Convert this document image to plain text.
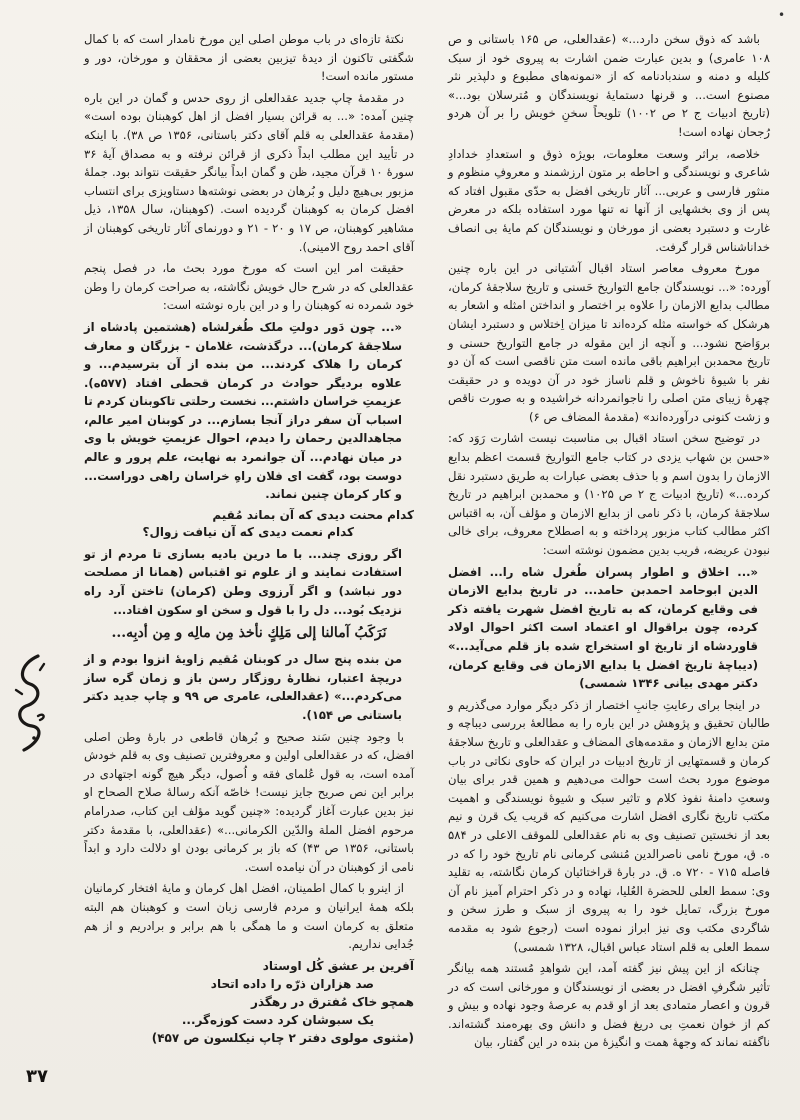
•

باشد که ذوق سخن دارد...» (عقدالعلی، ص ۱۶۵ باستانی و ص ۱۰۸ عامری) و بدین عبارت ضمن اشارت به پیروی خود از سبک کلیله و دمنه و سندبادنامه که از «نمونه‌های مطبوع و دلپذیر نثر مصنوع است... و قرنها دستمایهٔ نویسندگان و مُترسلان بود...» (تاریخ ادبیات ج ۲ ص ۱۰۰۲) تلویحاً سخنِ خویش را بر آن هردو رُجحان نهاده است!

خلاصه، براثر وسعت معلومات، بویژه ذوق و استعدادِ خدادادِ شاعری و نویسندگی و احاطه بر متون ارزشمند و معروفِ منظوم و منثور فارسی و عربی... آثار تاریخی افضل به حدّی مقبول افتاد که پس از وی بخشهایی از آنها نه تنها مورد استفاده بلکه در معرض غارت و دستبرد بعضی از مورخان و نویسندگان کم مایهٔ بی انصاف خداناشناس قرار گرفت.

مورخ معروف معاصر استاد اقبال آشتیانی در این باره چنین آورده: «... نویسندگان جامع التواریخ حَسنی و تاریخ سلاجقهٔ کرمان، مطالب بدایع الازمان را علاوه بر اختصار و انداختن امثله و اشعار به هرشکل که خواسته مثله کرده‌اند تا میزان اِختلاس و دستبرد ایشان بروَاضح نشود... و آنچه از این مقوله در جامع التواریخ حسنی و تاریخ محمدبن ابراهیم باقی مانده است متن ناقصی است که آن دو نفر با شیوهٔ ناخوش و قلم ناساز خود در آن دویده و در حقیقت چهرهٔ زیبای متن اصلی را ناجوانمردانه خراشیده و به صورت ناقص و زشت کنونی درآورده‌اند» (مقدمهٔ المضاف ص ۶)

در توضیح سخن استاد اقبال بی مناسبت نیست اشارت رَوَد که: «حسن بن شهاب یزدی در کتاب جامع التواریخ قسمت اعظم بدایع الازمان را بدون اسم و با حذف بعضی عبارات به طریق دستبرد نقل کرده...» (تاریخ ادبیات ج ۲ ص ۱۰۲۵) و محمدبن ابراهیم در تاریخ سلاجقهٔ کرمان، با ذکر نامی از بدایع الازمان و مؤلف آن، به اقتباس اکثر مطالب کتاب مزبور پرداخته و به اصطلاح معروف، برای خالی نبودن عریضه، فریب بدین مضمون نوشته است:

«... اخلاق و اطوار پسران طُغرل شاه را... افضل الدین ابوحامد احمدبن حامد... در تاریخ بدایع الازمان فی وقایع کرمان، که به تاریخ افضل شهرت یافته ذکر کرده، چون براقوال او اعتماد است اکثر احوال اولاد قاوردشاه از تاریخ او استخراج شده باز قلم می‌آید...» (دیباچهٔ تاریخ افضل یا بدایع الازمان فی وقایع کرمان، دکتر مهدی بیانی ۱۳۴۶ شمسی)

در اینجا برای رعایتِ جانبِ اختصار از ذکر دیگر موارد می‌گذریم و طالبان تحقیق و پژوهش در این باره را به مطالعهٔ بررسی دیباچه و متن بدایع الازمان و مقدمه‌های المضاف و عقدالعلی و تاریخ سلاجقهٔ کرمان و قسمتهایی از تاریخ ادبیات در ایران که حاوی نکاتی در باب موضوع مورد بحث است حوالت می‌دهیم و همین قدر برای بیان وسعتِ دامنهٔ نفوذ کلام و تاثیر سبک و شیوهٔ نویسندگی و اهمیت مکتب تاریخ نگاری افضل اشارت می‌کنیم که قریب یک قرن و نیم بعد از نخستین تصنیف وی به نام عقدالعلی للموقف الاعلی در ۵۸۴ ه. ق، مورخ نامی ناصرالدین مُنشی کرمانی نام تاریخ خود را که در فاصله ۷۱۵ - ۷۲۰ ه. ق. در بارهٔ قراختائیان کرمان نگاشته، به تقلید وی: سمط العلی للحضرة العُلیا، نهاده و در ذکر احترام آمیز نام آن مورخ بزرگ، تمایل خود را به پیروی از سبک و طرز سخن و شاگردی مکتب وی نیز ابراز نموده است (رجوع شود به مقدمه سمط العلی به قلم استاد عباس اقبال، ۱۳۲۸ شمسی)

چنانکه از این پیش نیز گفته آمد، این شواهدِ مُستند همه بیانگر تأثیر شگرفِ افضل در بعضی از نویسندگان و مورخانی است که در قرون و اعصار متمادی بعد از او قدم به عرصهٔ وجود نهاده و بیش و کم از خوان نعمتِ بی دریغ فضل و دانش وی بهره‌مند گشته‌اند. ناگفته نماند که وجههٔ همت و انگیزهٔ من بنده در این گفتار، بیان

نکتهٔ تازه‌ای در باب موطن اصلی این مورخ نامدار است که با کمال شگفتی تاکنون از دیدهٔ تیزبین بعضی از محققان و مورخان، دور و مستور مانده است!

در مقدمهٔ چاپ جدید عقدالعلی از روی حدس و گمان در این باره چنین آمده: «... به قرائن بسیار افضل از اهل کوهبنان بوده است» (مقدمهٔ عقدالعلی به قلم آقای دکتر باستانی، ۱۳۵۶ ص ۳۸). با اینکه در تأیید این مطلب ابداً ذکری از قرائن نرفته و به مصداق آیهٔ ۳۶ سورهٔ ۱۰ قرآن مجید، ظن و گمان ابداً بیانگر حقیقت نتواند بود. جملهٔ مزبور بی‌هیچ دلیل و بُرهان در بعضی نوشته‌ها دستاویزی برای انتساب افضل کرمان به کوهبنان گردیده است. (کوهبنان، سال ۱۳۵۸، ذیل مشاهیر کوهبنان، ص ۱۷ و ۲۰ - ۲۱ و دورنمای آثار تاریخی کوهبنان از آقای احمد روح الامینی).

حقیقت امر این است که مورخ مورد بحث ما، در فصل پنجم عقدالعلی که در شرح حال خویش نگاشته، به صراحت کرمان را وطن خود شمرده نه کوهبنان را و در این باره نوشته است:

«... چون دَور دولتِ ملک طُغرلشاه (هشتمین پادشاه از سلاجقهٔ کرمان)... درگذشت، غلامان - بزرگان و معارف کرمان را هلاک کردند... من بنده از آن بترسیدم... و علاوه بردیگر حوادث در کرمان قحطی افتاد (۵۷۷ه). عزیمتِ خراسان داشتم... نخست رحلتی تاکوبنان کردم تا اسباب آن سفر دراز آنجا بسازم... در کوبنان امیر عالم، مجاهدالدین رحمان را دیدم، احوال عزیمتِ خویش با وی در میان نهادم... آن جوانمرد به نهایت، علم پرور و عالم دوست بود، گفت ای فلان راهِ خراسان راهی دوراست... و کار کرمان چنین نماند.

کدام محنت دیدی که آن بماند مُقیم
کدام نعمت دیدی که آن نیافت زوال؟

اگر روزی چند... با ما درین بادیه بسازی تا مردم از تو استفادت نمایند و از علوم تو اقتباس (همانا از مصلحت دور نباشد) و اگر آرزوی وطن (کرمان) تاختن آرد راه نزدیک بُود... دل را با قول و سخن او سکون افتاد...

نَرَکَبُ آمالنا إلی مَلِكٍ نأخذ مِن مالِه و مِن أدبِه...

من بنده پنج سال در کوبنان مُقیم زاویهٔ انزوا بودم و از دریچهٔ اعتبار، نظارهٔ روزگار رسن باز و زمان گره ساز می‌کردم...» (عقدالعلی، عامری ص ۹۹ و چاپ جدید دکتر باستانی ص ۱۵۴).

با وجود چنین سَند صحیح و بُرهان قاطعی در بارهٔ وطن اصلی افضل، که در عقدالعلی اولین و معروفترین تصنیف وی به قلم خودش آمده است، به قول عُلمای فقه و اُصول، دیگر هیچ گونه اجتهادی در برابر این نص صریح جایز نیست! خاصّه آنکه رسالهٔ صلاح الصحاح او نیز بدین عبارت آغاز گردیده: «چنین گوید مؤلف این کتاب، صدرامام مرحوم افضل الملة والدّین الکرمانی...» (عقدالعلی، با مقدمهٔ دکتر باستانی، ۱۳۵۶ ص ۴۳) که باز بر کرمانی بودن او دلالت دارد و ابداً نامی از کوهبنان در آن نیامده است.

از اینرو با کمال اطمینان، افضل اهل کرمان و مایهٔ افتخار کرمانیان بلکه همهٔ ایرانیان و مردم فارسی زبان است و کوهبنان هم البته متعلق به کرمان است و ما همگی با هم برابر و برادریم و از هم جُدایی نداریم.

آفرین بر عشق کُل اوستاد
صد هزاران ذرّه را داده اتحاد
همچو خاک مُفترق در رهگذر
یک سبوشان کرد دست کوزه‌گر...
(مثنوی مولوی دفتر ۲ چاپ نیکلسون ص ۴۵۷)
۳۷
